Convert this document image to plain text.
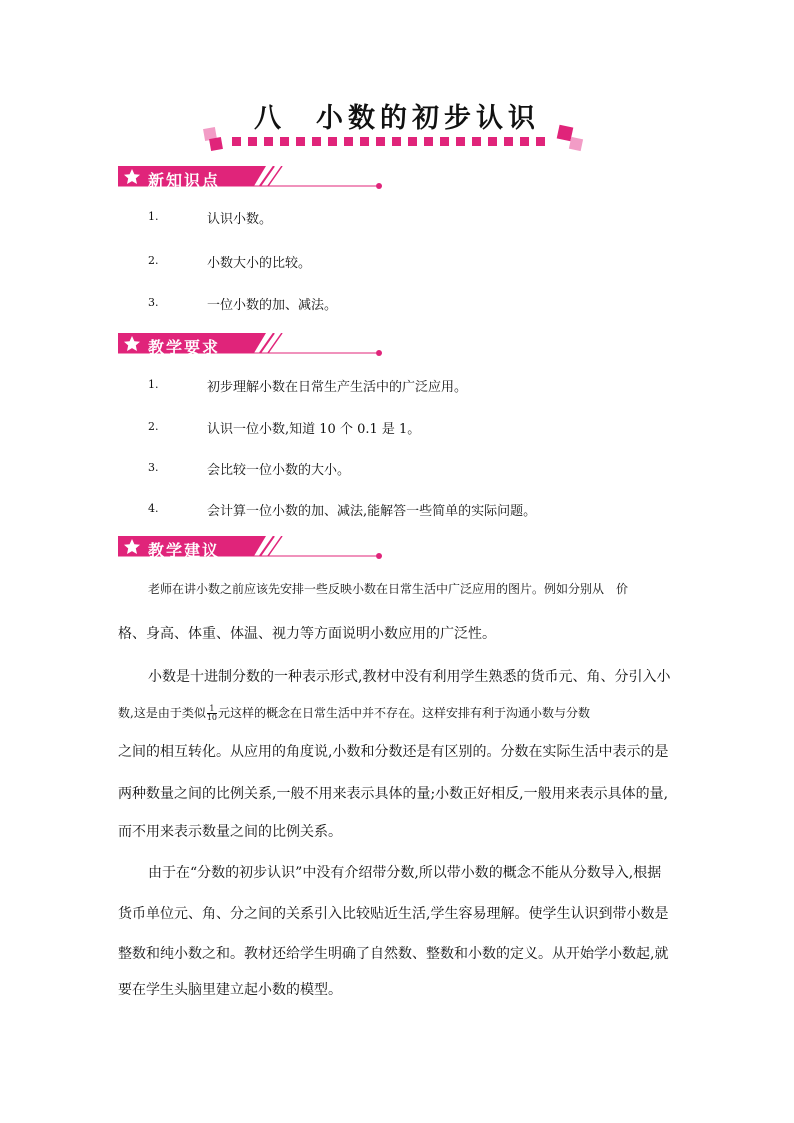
八 小数的初步认识
新知识点
1.	认识小数。
2.	小数大小的比较。
3.	一位小数的加、减法。
教学要求
1.	初步理解小数在日常生产生活中的广泛应用。
2.	认识一位小数,知道 10 个 0.1 是 1。
3.	会比较一位小数的大小。
4.	会计算一位小数的加、减法,能解答一些简单的实际问题。
教学建议
老师在讲小数之前应该先安排一些反映小数在日常生活中广泛应用的图片。例如分别从　价
格、身高、体重、体温、视力等方面说明小数应用的广泛性。
小数是十进制分数的一种表示形式,教材中没有利用学生熟悉的货币元、角、分引入小
数,这是由于类似 $\frac{1}{10}$ 元这样的概念在日常生活中并不存在。这样安排有利于沟通小数与分数
之间的相互转化。从应用的角度说,小数和分数还是有区别的。分数在实际生活中表示的是
两种数量之间的比例关系,一般不用来表示具体的量;小数正好相反,一般用来表示具体的量,
而不用来表示数量之间的比例关系。
由于在“分数的初步认识”中没有介绍带分数,所以带小数的概念不能从分数导入,根据
货币单位元、角、分之间的关系引入比较贴近生活,学生容易理解。使学生认识到带小数是
整数和纯小数之和。教材还给学生明确了自然数、整数和小数的定义。从开始学小数起,就
要在学生头脑里建立起小数的模型。
